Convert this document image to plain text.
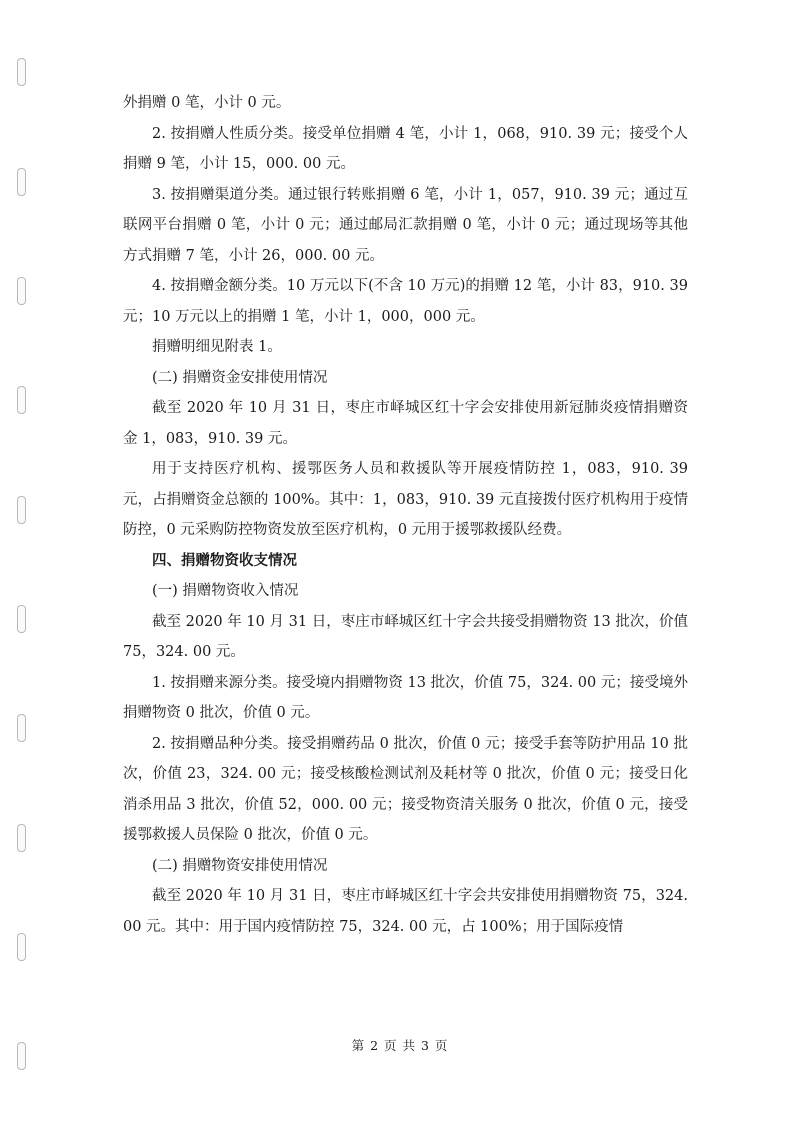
外捐赠 0 笔，小计 0 元。

2. 按捐赠人性质分类。接受单位捐赠 4 笔，小计 1，068，910. 39 元；接受个人捐赠 9 笔，小计 15，000. 00 元。

3. 按捐赠渠道分类。通过银行转账捐赠 6 笔，小计 1，057，910. 39 元；通过互联网平台捐赠 0 笔，小计 0 元；通过邮局汇款捐赠 0 笔，小计 0 元；通过现场等其他方式捐赠 7 笔，小计 26，000. 00 元。

4. 按捐赠金额分类。10 万元以下(不含 10 万元)的捐赠 12 笔，小计 83，910. 39 元；10 万元以上的捐赠 1 笔，小计 1，000，000 元。

捐赠明细见附表 1。

(二) 捐赠资金安排使用情况

截至 2020 年 10 月 31 日，枣庄市峄城区红十字会安排使用新冠肺炎疫情捐赠资金 1，083，910. 39 元。

用于支持医疗机构、援鄂医务人员和救援队等开展疫情防控 1，083，910. 39 元，占捐赠资金总额的 100%。其中：1，083，910. 39 元直接拨付医疗机构用于疫情防控，0 元采购防控物资发放至医疗机构，0 元用于援鄂救援队经费。

四、捐赠物资收支情况

(一) 捐赠物资收入情况

截至 2020 年 10 月 31 日，枣庄市峄城区红十字会共接受捐赠物资 13 批次，价值 75，324. 00 元。

1. 按捐赠来源分类。接受境内捐赠物资 13 批次，价值 75，324. 00 元；接受境外捐赠物资 0 批次，价值 0 元。

2. 按捐赠品种分类。接受捐赠药品 0 批次，价值 0 元；接受手套等防护用品 10 批次，价值 23，324. 00 元；接受核酸检测试剂及耗材等 0 批次，价值 0 元；接受日化消杀用品 3 批次，价值 52，000. 00 元；接受物资清关服务 0 批次，价值 0 元，接受援鄂救援人员保险 0 批次，价值 0 元。

(二) 捐赠物资安排使用情况

截至 2020 年 10 月 31 日，枣庄市峄城区红十字会共安排使用捐赠物资 75，324. 00 元。其中：用于国内疫情防控 75，324. 00 元，占 100%；用于国际疫情

第 2 页 共 3 页
